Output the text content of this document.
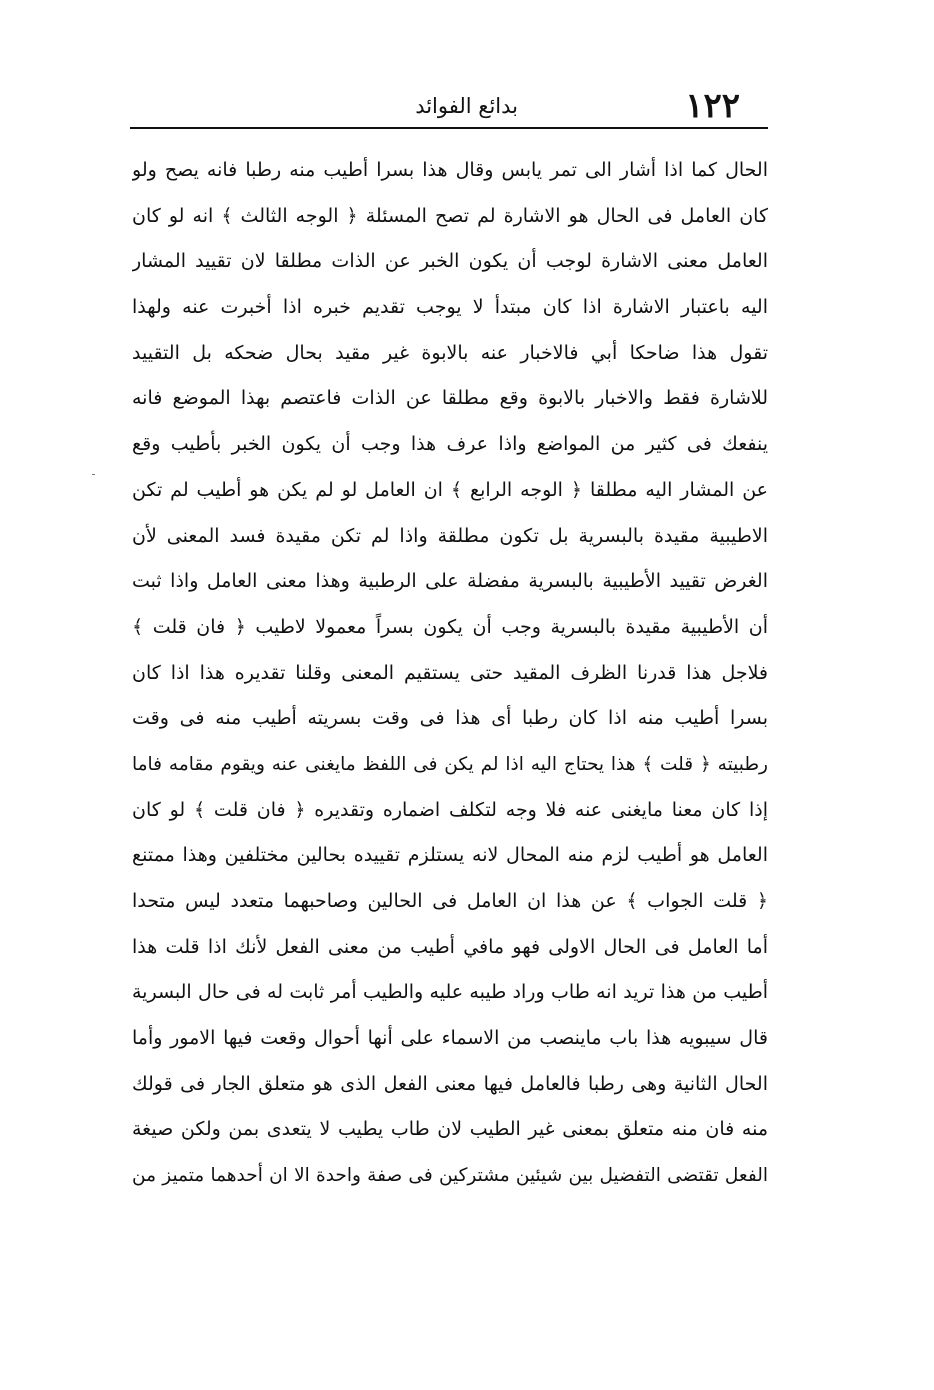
١٢٢
بدائع الفوائد
الحال كما اذا أشار الى تمر يابس وقال هذا بسرا أطيب منه رطبا فانه يصح ولو
كان العامل فى الحال هو الاشارة لم تصح المسئلة ﴿ الوجه الثالث ﴾ انه لو كان
العامل معنى الاشارة لوجب أن يكون الخبر عن الذات مطلقا لان تقييد المشار
اليه باعتبار الاشارة اذا كان مبتدأ لا يوجب تقديم خبره اذا أخبرت عنه ولهذا
تقول هذا ضاحكا أبي فالاخبار عنه بالابوة غير مقيد بحال ضحكه بل التقييد
للاشارة فقط والاخبار بالابوة وقع مطلقا عن الذات فاعتصم بهذا الموضع فانه
ينفعك فى كثير من المواضع واذا عرف هذا وجب أن يكون الخبر بأطيب وقع
عن المشار اليه مطلقا ﴿ الوجه الرابع ﴾ ان العامل لو لم يكن هو أطيب لم تكن
الاطيبية مقيدة بالبسرية بل تكون مطلقة واذا لم تكن مقيدة فسد المعنى لأن
الغرض تقييد الأطيبية بالبسرية مفضلة على الرطبية وهذا معنى العامل واذا ثبت
أن الأطيبية مقيدة بالبسرية وجب أن يكون بسراً معمولا لاطيب ﴿ فان قلت ﴾
فلاجل هذا قدرنا الظرف المقيد حتى يستقيم المعنى وقلنا تقديره هذا اذا كان
بسرا أطيب منه اذا كان رطبا أى هذا فى وقت بسريته أطيب منه فى وقت
رطبيته ﴿ قلت ﴾ هذا يحتاج اليه اذا لم يكن فى اللفظ مايغنى عنه ويقوم مقامه فاما
إذا كان معنا مايغنى عنه فلا وجه لتكلف اضماره وتقديره ﴿ فان قلت ﴾ لو كان
العامل هو أطيب لزم منه المحال لانه يستلزم تقييده بحالين مختلفين وهذا ممتنع
﴿ قلت الجواب ﴾ عن هذا ان العامل فى الحالين وصاحبهما متعدد ليس متحدا
أما العامل فى الحال الاولى فهو مافي أطيب من معنى الفعل لأنك اذا قلت هذا
أطيب من هذا تريد انه طاب وراد طيبه عليه والطيب أمر ثابت له فى حال البسرية
قال سيبويه هذا باب ماينصب من الاسماء على أنها أحوال وقعت فيها الامور وأما
الحال الثانية وهى رطبا فالعامل فيها معنى الفعل الذى هو متعلق الجار فى قولك
منه فان منه متعلق بمعنى غير الطيب لان طاب يطيب لا يتعدى بمن ولكن صيغة
الفعل تقتضى التفضيل بين شيئين مشتركين فى صفة واحدة الا ان أحدهما متميز من
